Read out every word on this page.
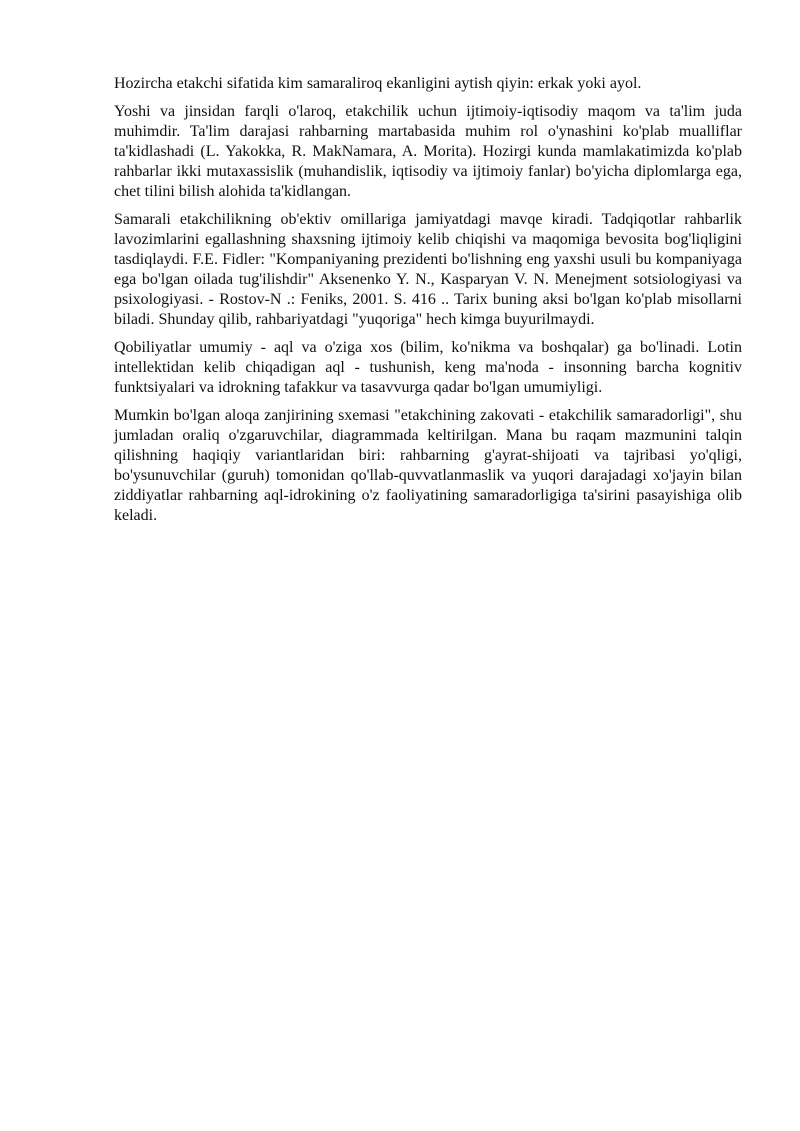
Hozircha etakchi sifatida kim samaraliroq ekanligini aytish qiyin: erkak yoki ayol.

Yoshi va jinsidan farqli o'laroq, etakchilik uchun ijtimoiy-iqtisodiy maqom va ta'lim juda muhimdir. Ta'lim darajasi rahbarning martabasida muhim rol o'ynashini ko'plab mualliflar ta'kidlashadi (L. Yakokka, R. MakNamara, A. Morita). Hozirgi kunda mamlakatimizda ko'plab rahbarlar ikki mutaxassislik (muhandislik, iqtisodiy va ijtimoiy fanlar) bo'yicha diplomlarga ega, chet tilini bilish alohida ta'kidlangan.

Samarali etakchilikning ob'ektiv omillariga jamiyatdagi mavqe kiradi. Tadqiqotlar rahbarlik lavozimlarini egallashning shaxsning ijtimoiy kelib chiqishi va maqomiga bevosita bog'liqligini tasdiqlaydi. F.E. Fidler: "Kompaniyaning prezidenti bo'lishning eng yaxshi usuli bu kompaniyaga ega bo'lgan oilada tug'ilishdir" Aksenenko Y. N., Kasparyan V. N. Menejment sotsiologiyasi va psixologiyasi. - Rostov-N .: Feniks, 2001. S. 416 .. Tarix buning aksi bo'lgan ko'plab misollarni biladi. Shunday qilib, rahbariyatdagi "yuqoriga" hech kimga buyurilmaydi.

Qobiliyatlar umumiy - aql va o'ziga xos (bilim, ko'nikma va boshqalar) ga bo'linadi. Lotin intellektidan kelib chiqadigan aql - tushunish, keng ma'noda - insonning barcha kognitiv funktsiyalari va idrokning tafakkur va tasavvurga qadar bo'lgan umumiyligi.

Mumkin bo'lgan aloqa zanjirining sxemasi "etakchining zakovati - etakchilik samaradorligi", shu jumladan oraliq o'zgaruvchilar, diagrammada keltirilgan. Mana bu raqam mazmunini talqin qilishning haqiqiy variantlaridan biri: rahbarning g'ayrat-shijoati va tajribasi yo'qligi, bo'ysunuvchilar (guruh) tomonidan qo'llab-quvvatlanmaslik va yuqori darajadagi xo'jayin bilan ziddiyatlar rahbarning aql-idrokining o'z faoliyatining samaradorligiga ta'sirini pasayishiga olib keladi.
